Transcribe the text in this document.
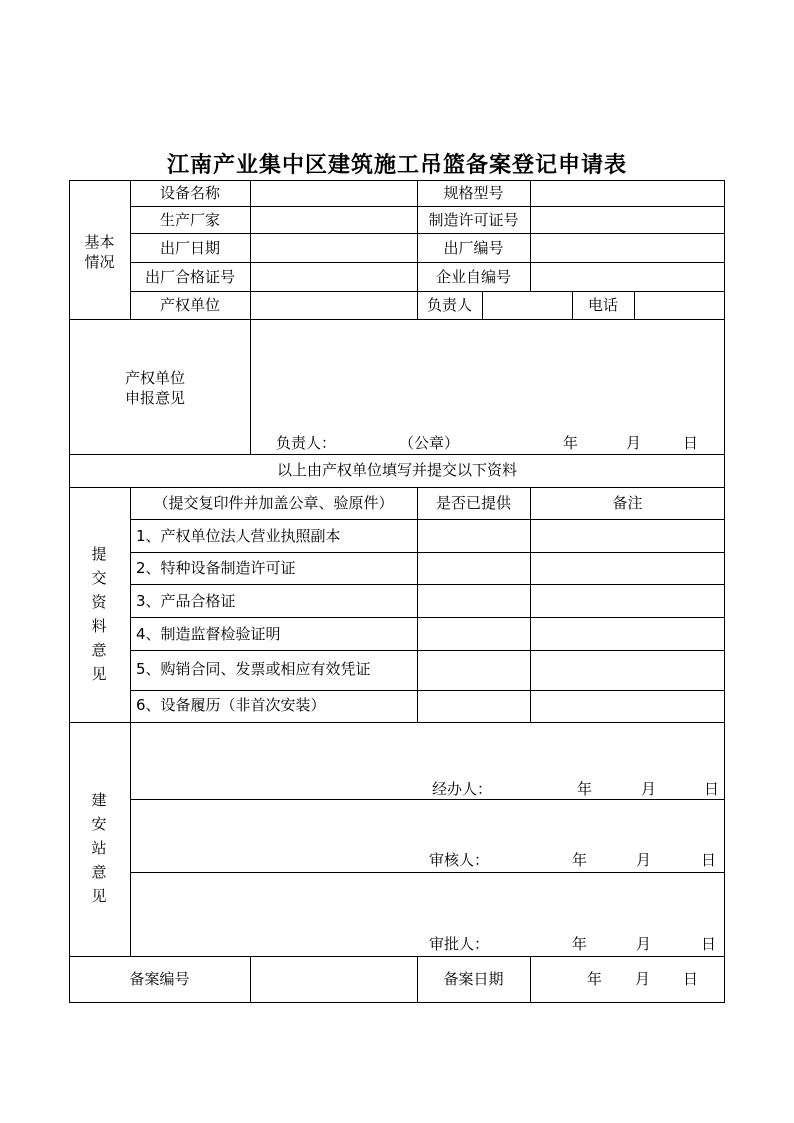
江南产业集中区建筑施工吊篮备案登记申请表
基本
情况
设备名称	规格型号
生产厂家	制造许可证号
出厂日期	出厂编号
出厂合格证号	企业自编号
产权单位	负责人	电话
产权单位
申报意见
负责人：	（公章）	年	月	日
以上由产权单位填写并提交以下资料
提
交
资
料
意
见
（提交复印件并加盖公章、验原件）	是否已提供	备注
1、产权单位法人营业执照副本
2、特种设备制造许可证
3、产品合格证
4、制造监督检验证明
5、购销合同、发票或相应有效凭证
6、设备履历（非首次安装）
建
安
站
意
见
经办人：	年	月	日
审核人：	年	月	日
审批人：	年	月	日
备案编号	备案日期	年 月 日
